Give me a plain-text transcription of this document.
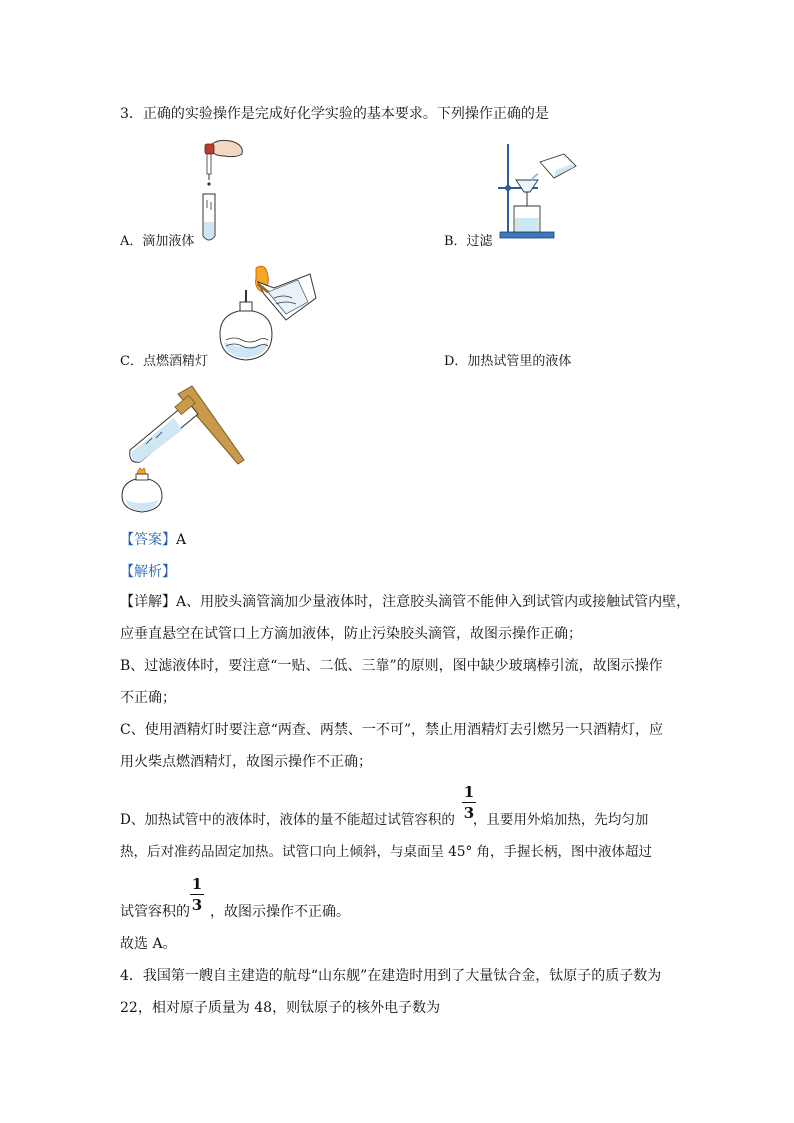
3．正确的实验操作是完成好化学实验的基本要求。下列操作正确的是
A．滴加液体	B．过滤
C．点燃酒精灯	D．加热试管里的液体
【答案】A
【解析】
【详解】A、用胶头滴管滴加少量液体时，注意胶头滴管不能伸入到试管内或接触试管内壁，
应垂直悬空在试管口上方滴加液体，防止污染胶头滴管，故图示操作正确；
B、过滤液体时，要注意“一贴、二低、三靠”的原则，图中缺少玻璃棒引流，故图示操作
不正确；
C、使用酒精灯时要注意“两查、两禁、一不可”，禁止用酒精灯去引燃另一只酒精灯，应
用火柴点燃酒精灯，故图示操作不正确；
D、加热试管中的液体时，液体的量不能超过试管容积的 ，且要用外焰加热，先均匀加
1
3
热，后对准药品固定加热。试管口向上倾斜，与桌面呈 45° 角，手握长柄，图中液体超过
试管容积的 ，故图示操作不正确。
1
3
故选 A。
4．我国第一艘自主建造的航母“山东舰”在建造时用到了大量钛合金，钛原子的质子数为
22，相对原子质量为 48，则钛原子的核外电子数为
